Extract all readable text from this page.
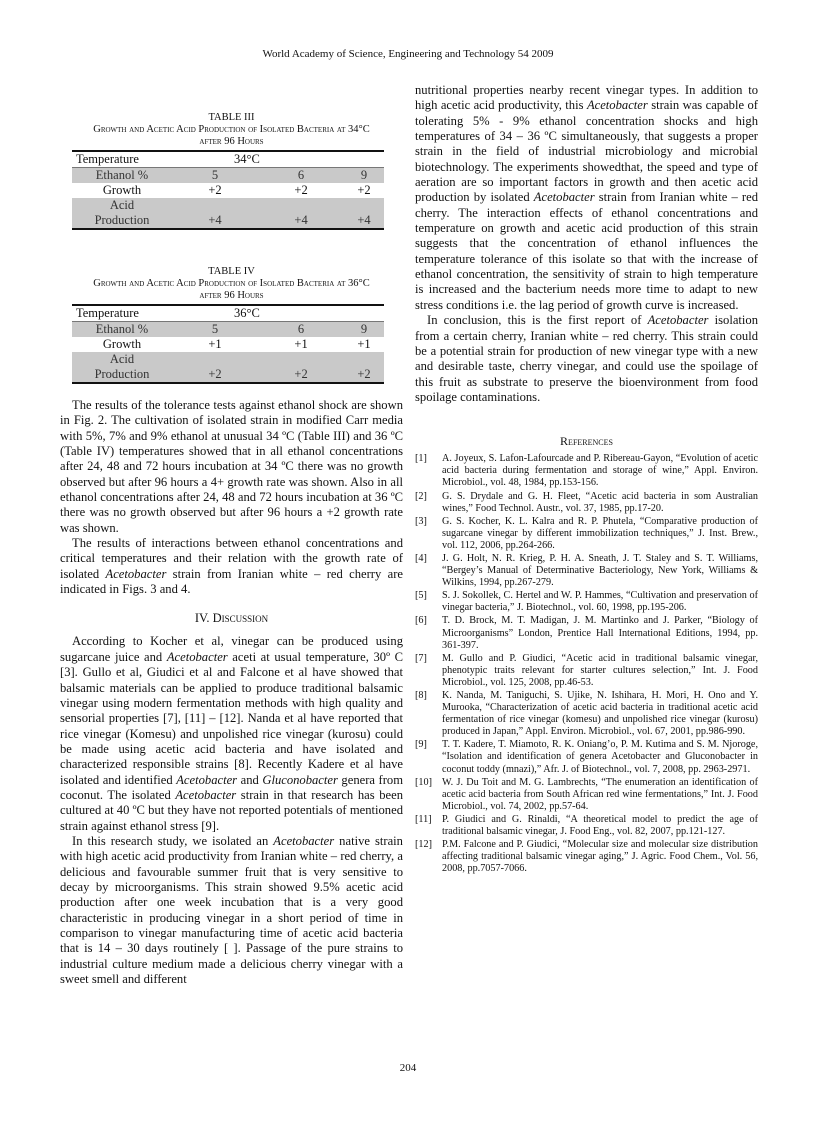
World Academy of Science, Engineering and Technology 54 2009
TABLE III
Growth and Acetic Acid Production of Isolated Bacteria at 34°C
after 96 Hours
Temperature	34°C		
Ethanol %	5	6	9
Growth	+2	+2	+2

Acid
Production	+4	+4	+4
TABLE IV
Growth and Acetic Acid Production of Isolated Bacteria at 36°C
after 96 Hours
Temperature	36°C		
Ethanol %	5	6	9
Growth	+1	+1	+1

Acid
Production	+2	+2	+2

The results of the tolerance tests against ethanol shock are shown in Fig. 2. The cultivation of isolated strain in modified Carr media with 5%, 7% and 9% ethanol at unusual 34 ºC (Table III) and 36 ºC (Table IV) temperatures showed that in all ethanol concentrations after 24, 48 and 72 hours incubation at 34 ºC there was no growth observed but after 96 hours a 4+ growth rate was shown. Also in all ethanol concentrations after 24, 48 and 72 hours incubation at 36 ºC there was no growth observed but after 96 hours a +2 growth rate was shown.

The results of interactions between ethanol concentrations and critical temperatures and their relation with the growth rate of isolated Acetobacter strain from Iranian white – red cherry are indicated in Figs. 3 and 4.

IV. Discussion

According to Kocher et al, vinegar can be produced using sugarcane juice and Acetobacter aceti at usual temperature, 30º C [3]. Gullo et al, Giudici et al and Falcone et al have showed that balsamic materials can be applied to produce traditional balsamic vinegar using modern fermentation methods with high quality and sensorial properties [7], [11] – [12]. Nanda et al have reported that rice vinegar (Komesu) and unpolished rice vinegar (kurosu) could be made using acetic acid bacteria and have isolated and characterized responsible strains [8]. Recently Kadere et al have isolated and identified Acetobacter and Gluconobacter genera from coconut. The isolated Acetobacter strain in that research has been cultured at 40 ºC but they have not reported potentials of mentioned strain against ethanol stress [9].

In this research study, we isolated an Acetobacter native strain with high acetic acid productivity from Iranian white – red cherry, a delicious and favourable summer fruit that is very sensitive to decay by microorganisms. This strain showed 9.5% acetic acid production after one week incubation that is a very good characteristic in producing vinegar in a short period of time in comparison to vinegar manufacturing time of acetic acid bacteria that is 14 – 30 days routinely [ ]. Passage of the pure strains to industrial culture medium made a delicious cherry vinegar with a sweet smell and different

nutritional properties nearby recent vinegar types. In addition to high acetic acid productivity, this Acetobacter strain was capable of tolerating 5% - 9% ethanol concentration shocks and high temperatures of 34 – 36 ºC simultaneously, that suggests a proper strain in the field of industrial microbiology and microbial biotechnology. The experiments showedthat, the speed and type of aeration are so important factors in growth and then acetic acid production by isolated Acetobacter strain from Iranian white – red cherry. The interaction effects of ethanol concentrations and temperature on growth and acetic acid production of this strain suggests that the concentration of ethanol influences the temperature tolerance of this isolate so that with the increase of ethanol concentration, the sensitivity of strain to high temperature is increased and the bacterium needs more time to adapt to new stress conditions i.e. the lag period of growth curve is increased.

In conclusion, this is the first report of Acetobacter isolation from a certain cherry, Iranian white – red cherry. This strain could be a potential strain for production of new vinegar type with a new and desirable taste, cherry vinegar, and could use the spoilage of this fruit as substrate to preserve the bioenvironment from food spoilage contaminations.

References
[1]	A. Joyeux, S. Lafon-Lafourcade and P. Ribereau-Gayon, “Evolution of acetic acid bacteria during fermentation and storage of wine,” Appl. Environ. Microbiol., vol. 48, 1984, pp.153-156.
[2]	G. S. Drydale and G. H. Fleet, “Acetic acid bacteria in som Australian wines,” Food Technol. Austr., vol. 37, 1985, pp.17-20.
[3]	G. S. Kocher, K. L. Kalra and R. P. Phutela, “Comparative production of sugarcane vinegar by different immobilization techniques,” J. Inst. Brew., vol. 112, 2006, pp.264-266.
[4]	J. G. Holt, N. R. Krieg, P. H. A. Sneath, J. T. Staley and S. T. Williams, “Bergey’s Manual of Determinative Bacteriology, New York, Williams & Wilkins, 1994, pp.267-279.
[5]	S. J. Sokollek, C. Hertel and W. P. Hammes, “Cultivation and preservation of vinegar bacteria,” J. Biotechnol., vol. 60, 1998, pp.195-206.
[6]	T. D. Brock, M. T. Madigan, J. M. Martinko and J. Parker, “Biology of Microorganisms” London, Prentice Hall International Editions, 1994, pp. 361-397.
[7]	M. Gullo and P. Giudici, “Acetic acid in traditional balsamic vinegar, phenotypic traits relevant for starter cultures selection,” Int. J. Food Microbiol., vol. 125, 2008, pp.46-53.
[8]	K. Nanda, M. Taniguchi, S. Ujike, N. Ishihara, H. Mori, H. Ono and Y. Murooka, “Characterization of acetic acid bacteria in traditional acetic acid fermentation of rice vinegar (komesu) and unpolished rice vinegar (kurosu) produced in Japan,” Appl. Environ. Microbiol., vol. 67, 2001, pp.986-990.
[9]	T. T. Kadere, T. Miamoto, R. K. Oniang’o, P. M. Kutima and S. M. Njoroge, “Isolation and identification of genera Acetobacter and Gluconobacter in coconut toddy (mnazi),” Afr. J. of Biotechnol., vol. 7, 2008, pp. 2963-2971.
[10] W. J. Du Toit and M. G. Lambrechts, “The enumeration an identification of acetic acid bacteria from South African red wine fermentations,” Int. J. Food Microbiol., vol. 74, 2002, pp.57-64.
[11]	P. Giudici and G. Rinaldi, “A theoretical model to predict the age of traditional balsamic vinegar, J. Food Eng., vol. 82, 2007, pp.121-127.
[12] P.M. Falcone and P. Giudici, “Molecular size and molecular size distribution affecting traditional balsamic vinegar aging,” J. Agric. Food Chem., Vol. 56, 2008, pp.7057-7066.
204
